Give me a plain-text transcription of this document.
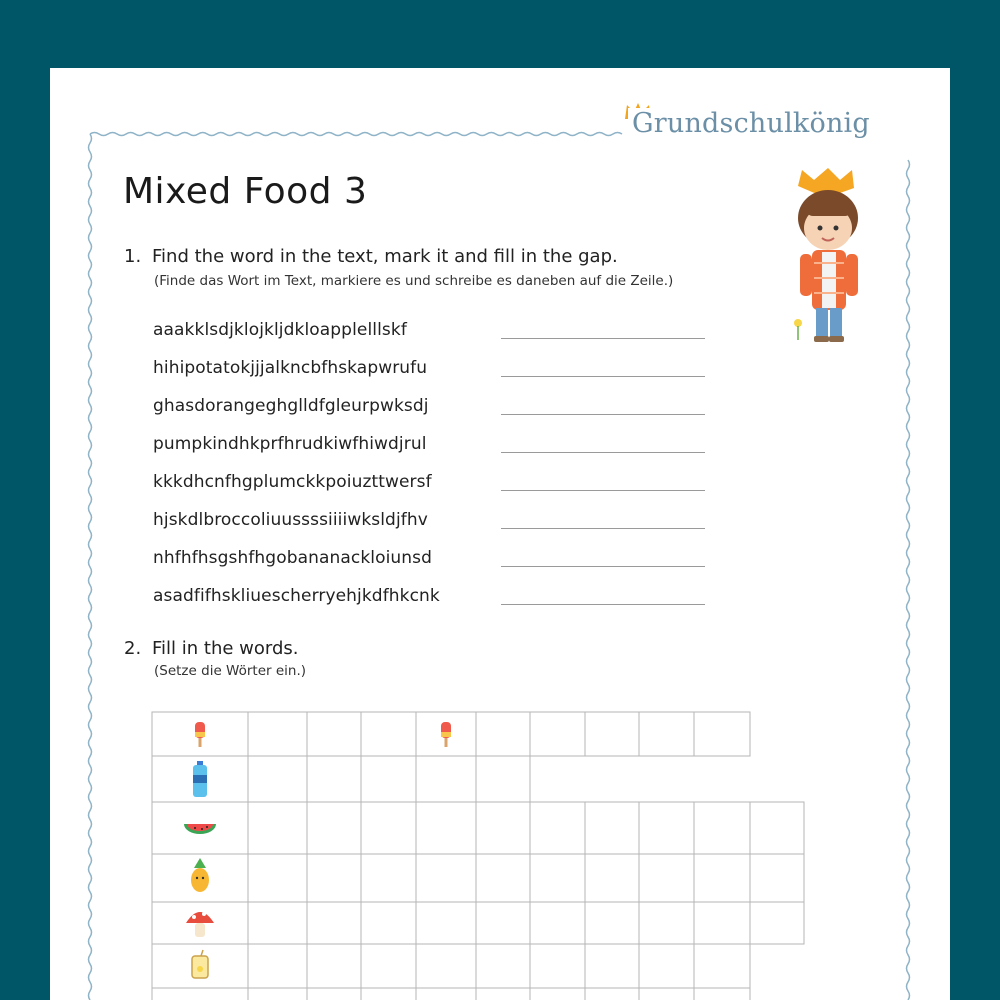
Grundschulkönig
Mixed Food 3
1. Find the word in the text, mark it and fill in the gap.
(Finde das Wort im Text, markiere es und schreibe es daneben auf die Zeile.)
aaakklsdjklojkljdkloapplelllskf
hihipotatokjjjalkncbfhskapwrufu
ghasdorangeghglldfgleurpwksdj
pumpkindhkprfhrudkiwfhiwdjrul
kkkdhcnfhgplumckkpoiuzttwersf
hjskdlbroccoliuussssiiiiwksldjfhv
nhfhfhsgshfhgobananackloiunsd
asadfifhskliuescherryehjkdfhkcnk
2. Fill in the words.
(Setze die Wörter ein.)
